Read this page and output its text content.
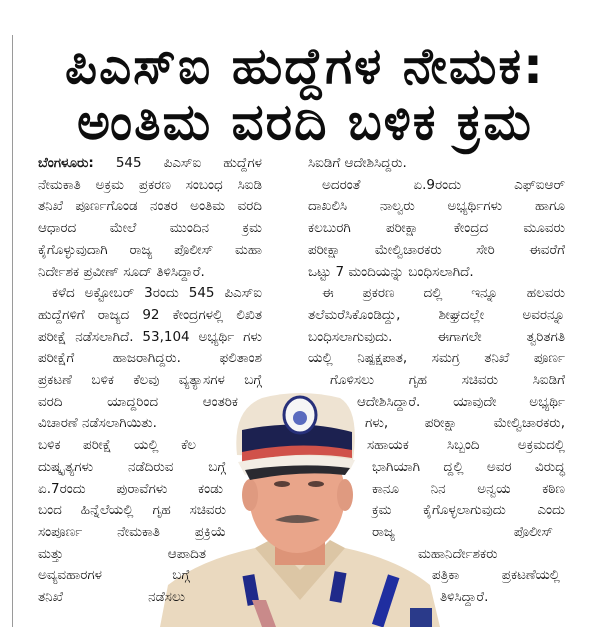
ಪಿಎಸ್‌ಐ ಹುದ್ದೆಗಳ ನೇಮಕ:
ಅಂತಿಮ ವರದಿ ಬಳಿಕ ಕ್ರಮ
ಬೆಂಗಳೂರು: 545 ಪಿಎಸ್‌ಐ ಹುದ್ದೆಗಳ
ನೇಮಕಾತಿ ಅಕ್ರಮ ಪ್ರಕರಣ ಸಂಬಂಧ ಸಿಐಡಿ
ತನಿಖೆ ಪೂರ್ಣಗೊಂಡ ನಂತರ ಅಂತಿಮ ವರದಿ
ಆಧಾರದ ಮೇಲೆ ಮುಂದಿನ ಕ್ರಮ
ಕೈಗೊಳ್ಳುವುದಾಗಿ ರಾಜ್ಯ ಪೊಲೀಸ್ ಮಹಾ
ನಿರ್ದೇಶಕ ಪ್ರವೀಣ್ ಸೂದ್ ತಿಳಿಸಿದ್ದಾರೆ.
ಕಳೆದ ಅಕ್ಟೋಬರ್ 3ರಂದು 545 ಪಿಎಸ್‌ಐ
ಹುದ್ದೆಗಳಿಗೆ ರಾಜ್ಯದ 92 ಕೇಂದ್ರಗಳಲ್ಲಿ ಲಿಖಿತ
ಪರೀಕ್ಷೆ ನಡೆಸಲಾಗಿದೆ. 53,104 ಅಭ್ಯರ್ಥಿ ಗಳು
ಪರೀಕ್ಷೆಗೆ ಹಾಜರಾಗಿದ್ದರು. ಫಲಿತಾಂಶ
ಪ್ರಕಟಣೆ ಬಳಿಕ ಕೆಲವು ವ್ಯತ್ಯಾಸಗಳ ಬಗ್ಗೆ
ವರದಿ ಯಾದ್ದರಿಂದ ಆಂತರಿಕ
ವಿಚಾರಣೆ ನಡೆಸಲಾಗಿಯಿತು.
ಬಳಿಕ ಪರೀಕ್ಷೆ ಯಲ್ಲಿ ಕೆಲ
ದುಷ್ಕೃತ್ಯಗಳು ನಡೆದಿರುವ ಬಗ್ಗೆ
ಏ.7ರಂದು ಪುರಾವೆಗಳು ಕಂಡು
ಬಂದ ಹಿನ್ನೆಲೆಯಲ್ಲಿ ಗೃಹ ಸಚಿವರು
ಸಂಪೂರ್ಣ ನೇಮಕಾತಿ ಪ್ರಕ್ರಿಯೆ
ಮತ್ತು ಆಪಾದಿತ
ಅವ್ಯವಹಾರಗಳ ಬಗ್ಗೆ
ತನಿಖೆ ನಡೆಸಲು
ಸಿಐಡಿಗೆ ಆದೇಶಿಸಿದ್ದರು.
ಅದರಂತೆ ಏ.9ರಂದು ಎಫ್‌ಐಆರ್
ದಾಖಲಿಸಿ ನಾಲ್ವರು ಅಭ್ಯರ್ಥಿಗಳು ಹಾಗೂ
ಕಲಬುರಗಿ ಪರೀಕ್ಷಾ ಕೇಂದ್ರದ ಮೂವರು
ಪರೀಕ್ಷಾ ಮೇಲ್ವಿಚಾರಕರು ಸೇರಿ ಈವರೆಗೆ
ಒಟ್ಟು 7 ಮಂದಿಯನ್ನು ಬಂಧಿಸಲಾಗಿದೆ.
ಈ ಪ್ರಕರಣ ದಲ್ಲಿ ಇನ್ನೂ ಹಲವರು
ತಲೆಮರೆಸಿಕೊಂಡಿದ್ದು, ಶೀಘ್ರದಲ್ಲೇ ಅವರನ್ನೂ
ಬಂಧಿಸಲಾಗುವುದು. ಈಗಾಗಲೇ ತ್ವರಿತಗತಿ
ಯಲ್ಲಿ ನಿಷ್ಪಕ್ಷಪಾತ, ಸಮಗ್ರ ತನಿಖೆ ಪೂರ್ಣ
ಗೊಳಿಸಲು ಗೃಹ ಸಚಿವರು ಸಿಐಡಿಗೆ
ಆದೇಶಿಸಿದ್ದಾರೆ. ಯಾವುದೇ ಅಭ್ಯರ್ಥಿ
ಗಳು, ಪರೀಕ್ಷಾ ಮೇಲ್ವಿಚಾರಕರು,
ಸಹಾಯಕ ಸಿಬ್ಬಂದಿ ಅಕ್ರಮದಲ್ಲಿ
ಭಾಗಿಯಾಗಿ ದ್ದಲ್ಲಿ ಅವರ ವಿರುದ್ಧ
ಕಾನೂ ನಿನ ಅನ್ವಯ ಕಠಿಣ
ಕ್ರಮ ಕೈಗೊಳ್ಳಲಾಗುವುದು ಎಂದು
ರಾಜ್ಯ ಪೊಲೀಸ್
ಮಹಾನಿರ್ದೇಶಕರು
ಪತ್ರಿಕಾ ಪ್ರಕಟಣೆಯಲ್ಲಿ
ತಿಳಿಸಿದ್ದಾರೆ.
